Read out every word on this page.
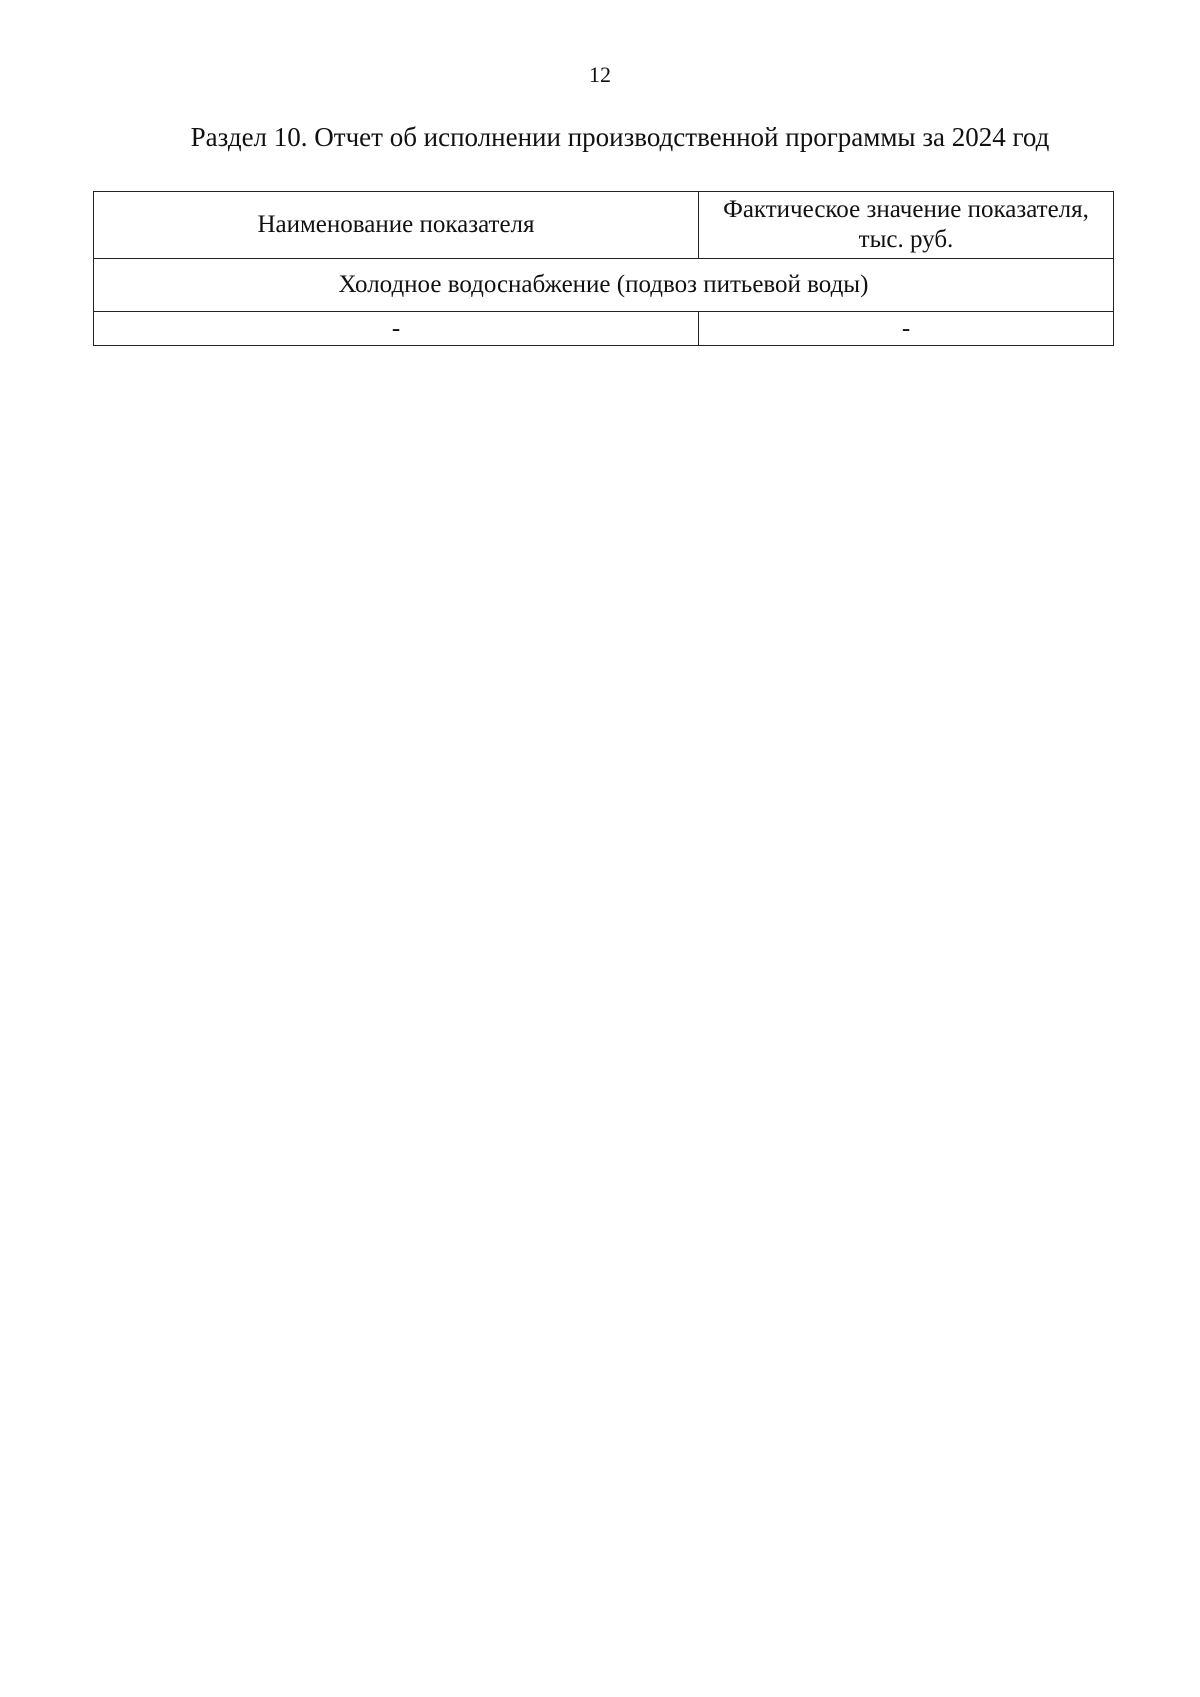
12
Раздел 10. Отчет об исполнении производственной программы за 2024 год
Наименование показателя	Фактическое значение показателя, тыс. руб.
Холодное водоснабжение (подвоз питьевой воды)	
-	-
